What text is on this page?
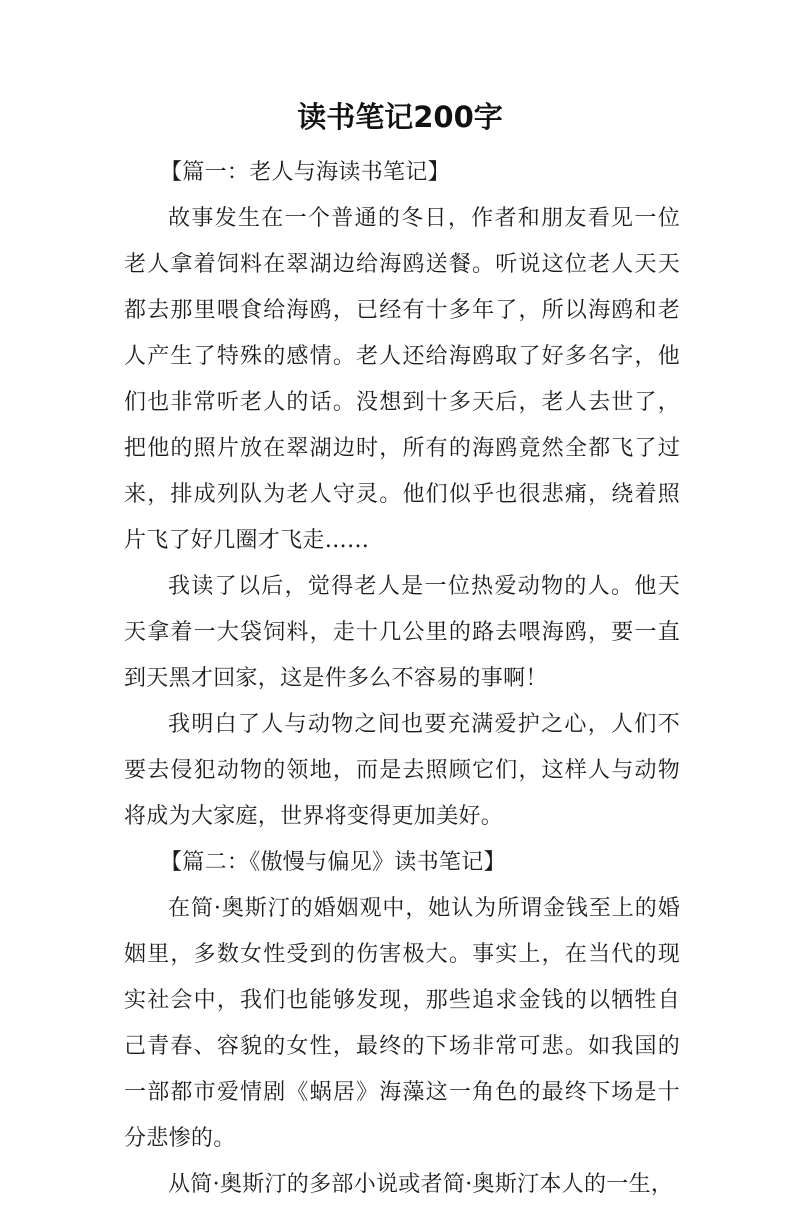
读书笔记200字

【篇一：老人与海读书笔记】

故事发生在一个普通的冬日，作者和朋友看见一位老人拿着饲料在翠湖边给海鸥送餐。听说这位老人天天都去那里喂食给海鸥，已经有十多年了，所以海鸥和老人产生了特殊的感情。老人还给海鸥取了好多名字，他们也非常听老人的话。没想到十多天后，老人去世了，把他的照片放在翠湖边时，所有的海鸥竟然全都飞了过来，排成列队为老人守灵。他们似乎也很悲痛，绕着照片飞了好几圈才飞走……

我读了以后，觉得老人是一位热爱动物的人。他天天拿着一大袋饲料，走十几公里的路去喂海鸥，要一直到天黑才回家，这是件多么不容易的事啊！

我明白了人与动物之间也要充满爱护之心，人们不要去侵犯动物的领地，而是去照顾它们，这样人与动物将成为大家庭，世界将变得更加美好。

【篇二：《傲慢与偏见》读书笔记】

在简·奥斯汀的婚姻观中，她认为所谓金钱至上的婚姻里，多数女性受到的伤害极大。事实上，在当代的现实社会中，我们也能够发现，那些追求金钱的以牺牲自己青春、容貌的女性，最终的下场非常可悲。如我国的一部都市爱情剧《蜗居》海藻这一角色的最终下场是十分悲惨的。

从简·奥斯汀的多部小说或者简·奥斯汀本人的一生，
